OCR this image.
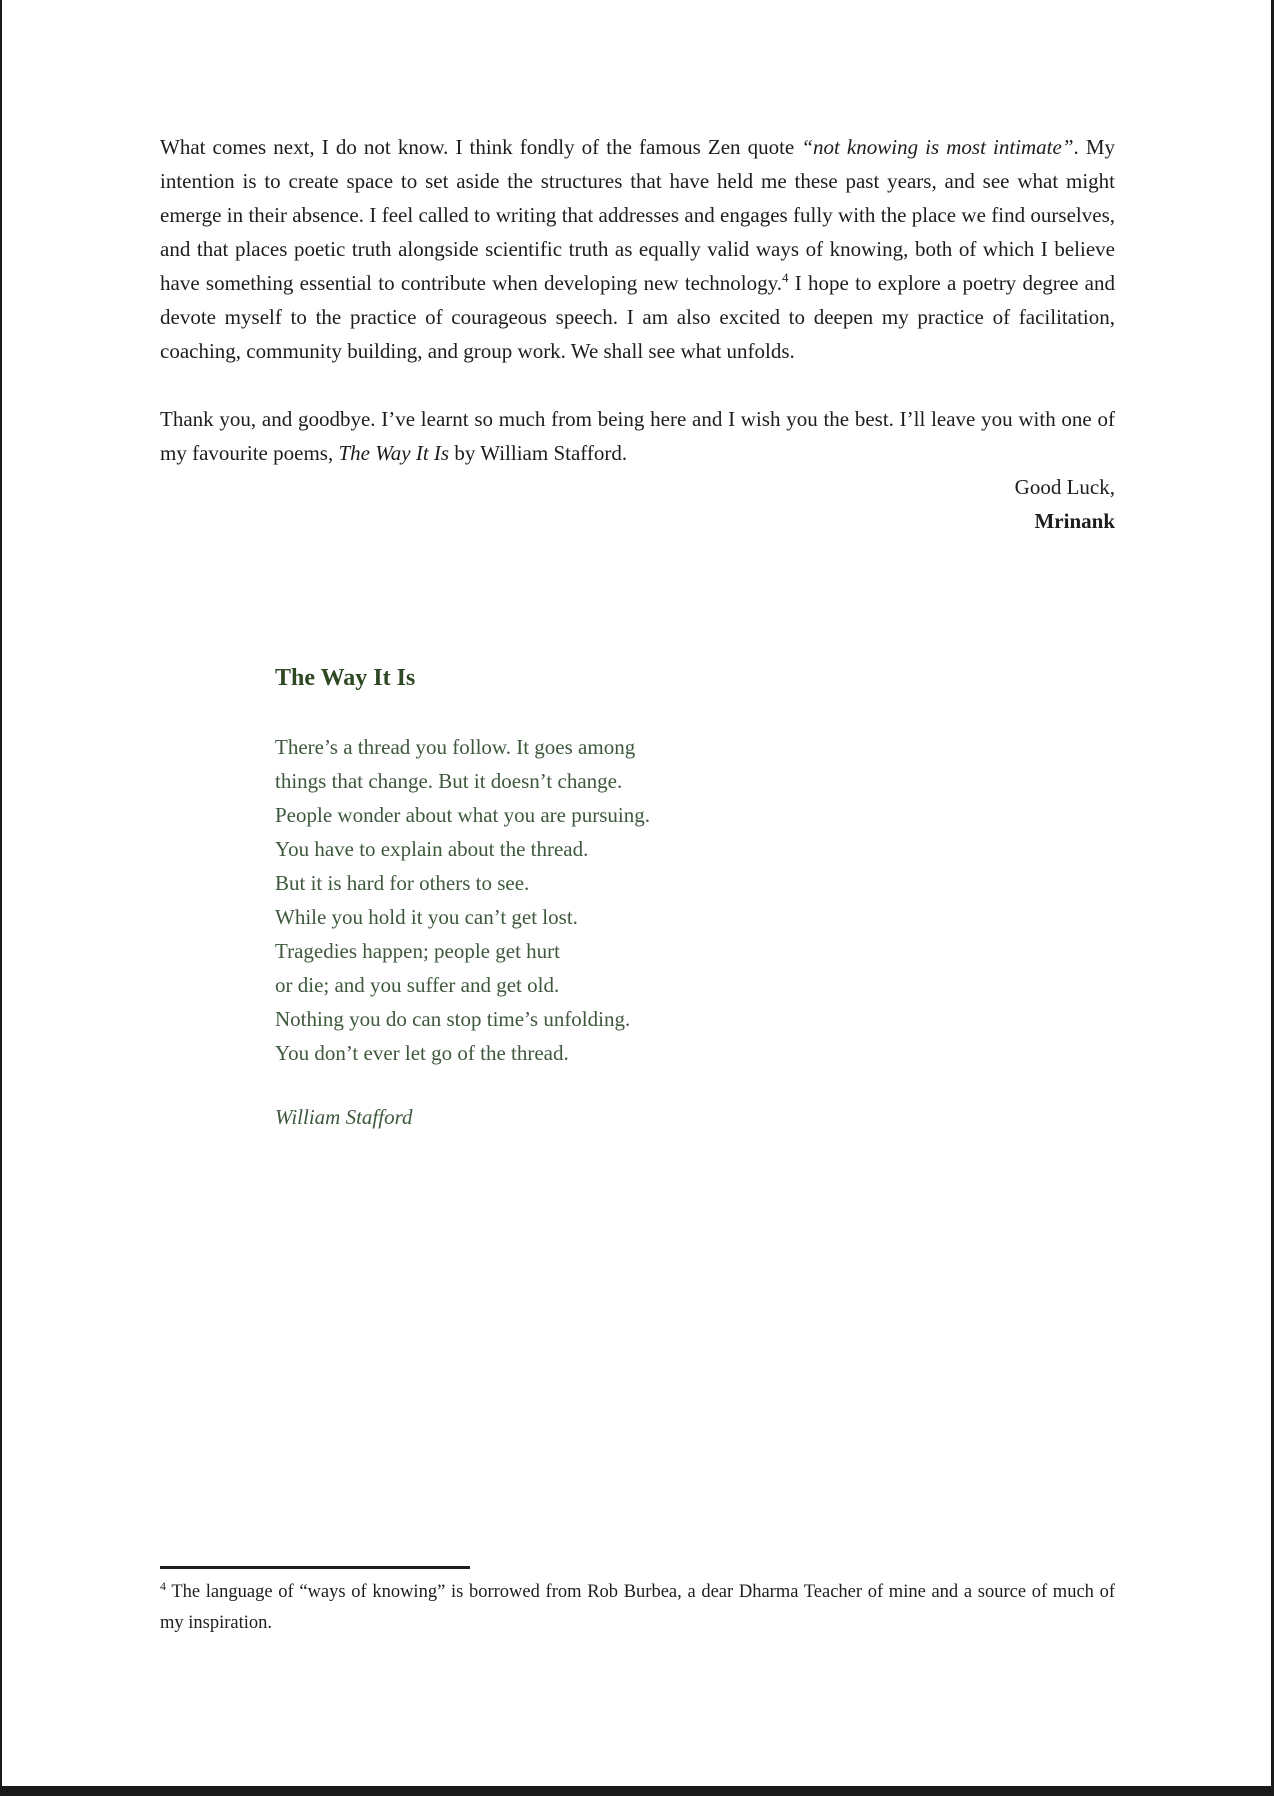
What comes next, I do not know. I think fondly of the famous Zen quote “not knowing is most intimate”. My intention is to create space to set aside the structures that have held me these past years, and see what might emerge in their absence. I feel called to writing that addresses and engages fully with the place we find ourselves, and that places poetic truth alongside scientific truth as equally valid ways of knowing, both of which I believe have something essential to contribute when developing new technology.$^4$ I hope to explore a poetry degree and devote myself to the practice of courageous speech. I am also excited to deepen my practice of facilitation, coaching, community building, and group work. We shall see what unfolds.

Thank you, and goodbye. I’ve learnt so much from being here and I wish you the best. I’ll leave you with one of my favourite poems, The Way It Is by William Stafford.

Good Luck,
Mrinank
The Way It Is
There’s a thread you follow. It goes among
things that change. But it doesn’t change.
People wonder about what you are pursuing.
You have to explain about the thread.
But it is hard for others to see.
While you hold it you can’t get lost.
Tragedies happen; people get hurt
or die; and you suffer and get old.
Nothing you do can stop time’s unfolding.
You don’t ever let go of the thread.
William Stafford

$^4$ The language of “ways of knowing” is borrowed from Rob Burbea, a dear Dharma Teacher of mine and a source of much of my inspiration.
